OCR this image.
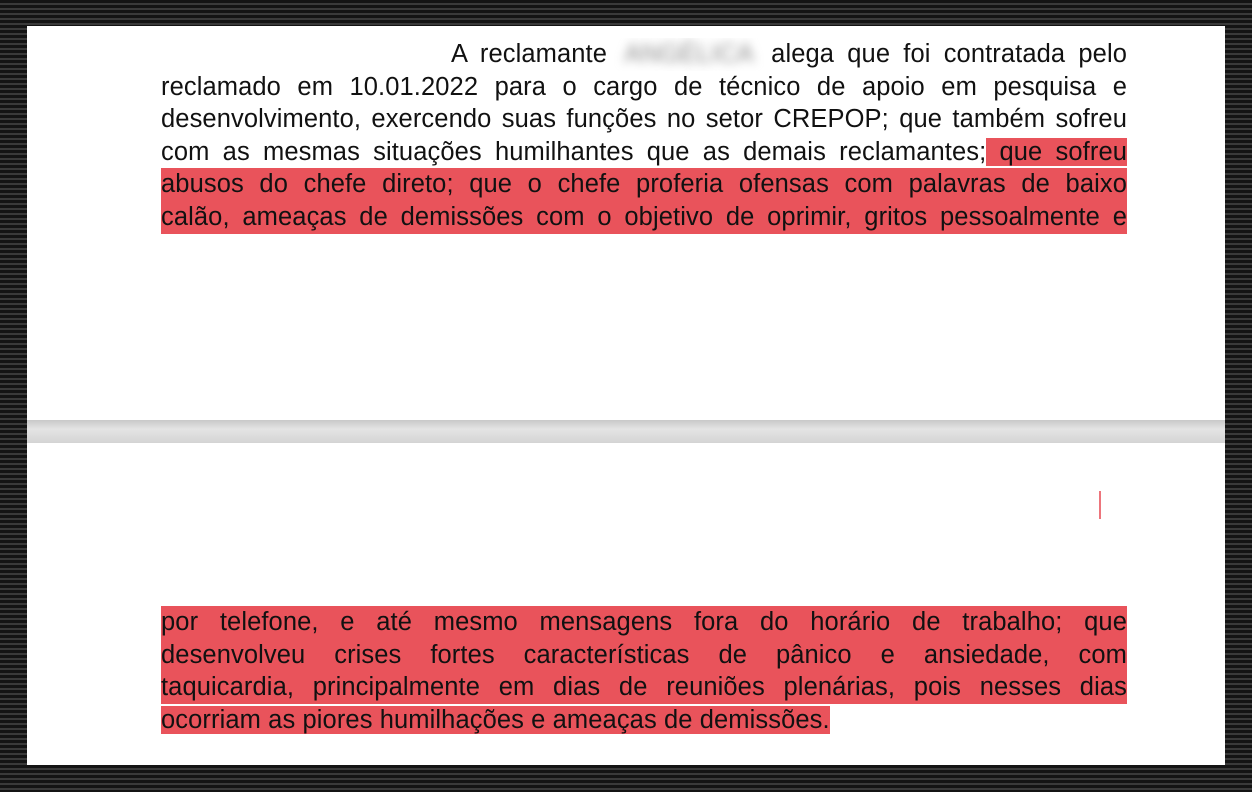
A reclamante ANGÉLICA alega que foi contratada pelo
reclamado em 10.01.2022 para o cargo de técnico de apoio em pesquisa e
desenvolvimento, exercendo suas funções no setor CREPOP; que também sofreu
com as mesmas situações humilhantes que as demais reclamantes; que sofreu
abusos do chefe direto; que o chefe proferia ofensas com palavras de baixo
calão, ameaças de demissões com o objetivo de oprimir, gritos pessoalmente e
por telefone, e até mesmo mensagens fora do horário de trabalho; que
desenvolveu crises fortes características de pânico e ansiedade, com
taquicardia, principalmente em dias de reuniões plenárias, pois nesses dias
ocorriam as piores humilhações e ameaças de demissões.
